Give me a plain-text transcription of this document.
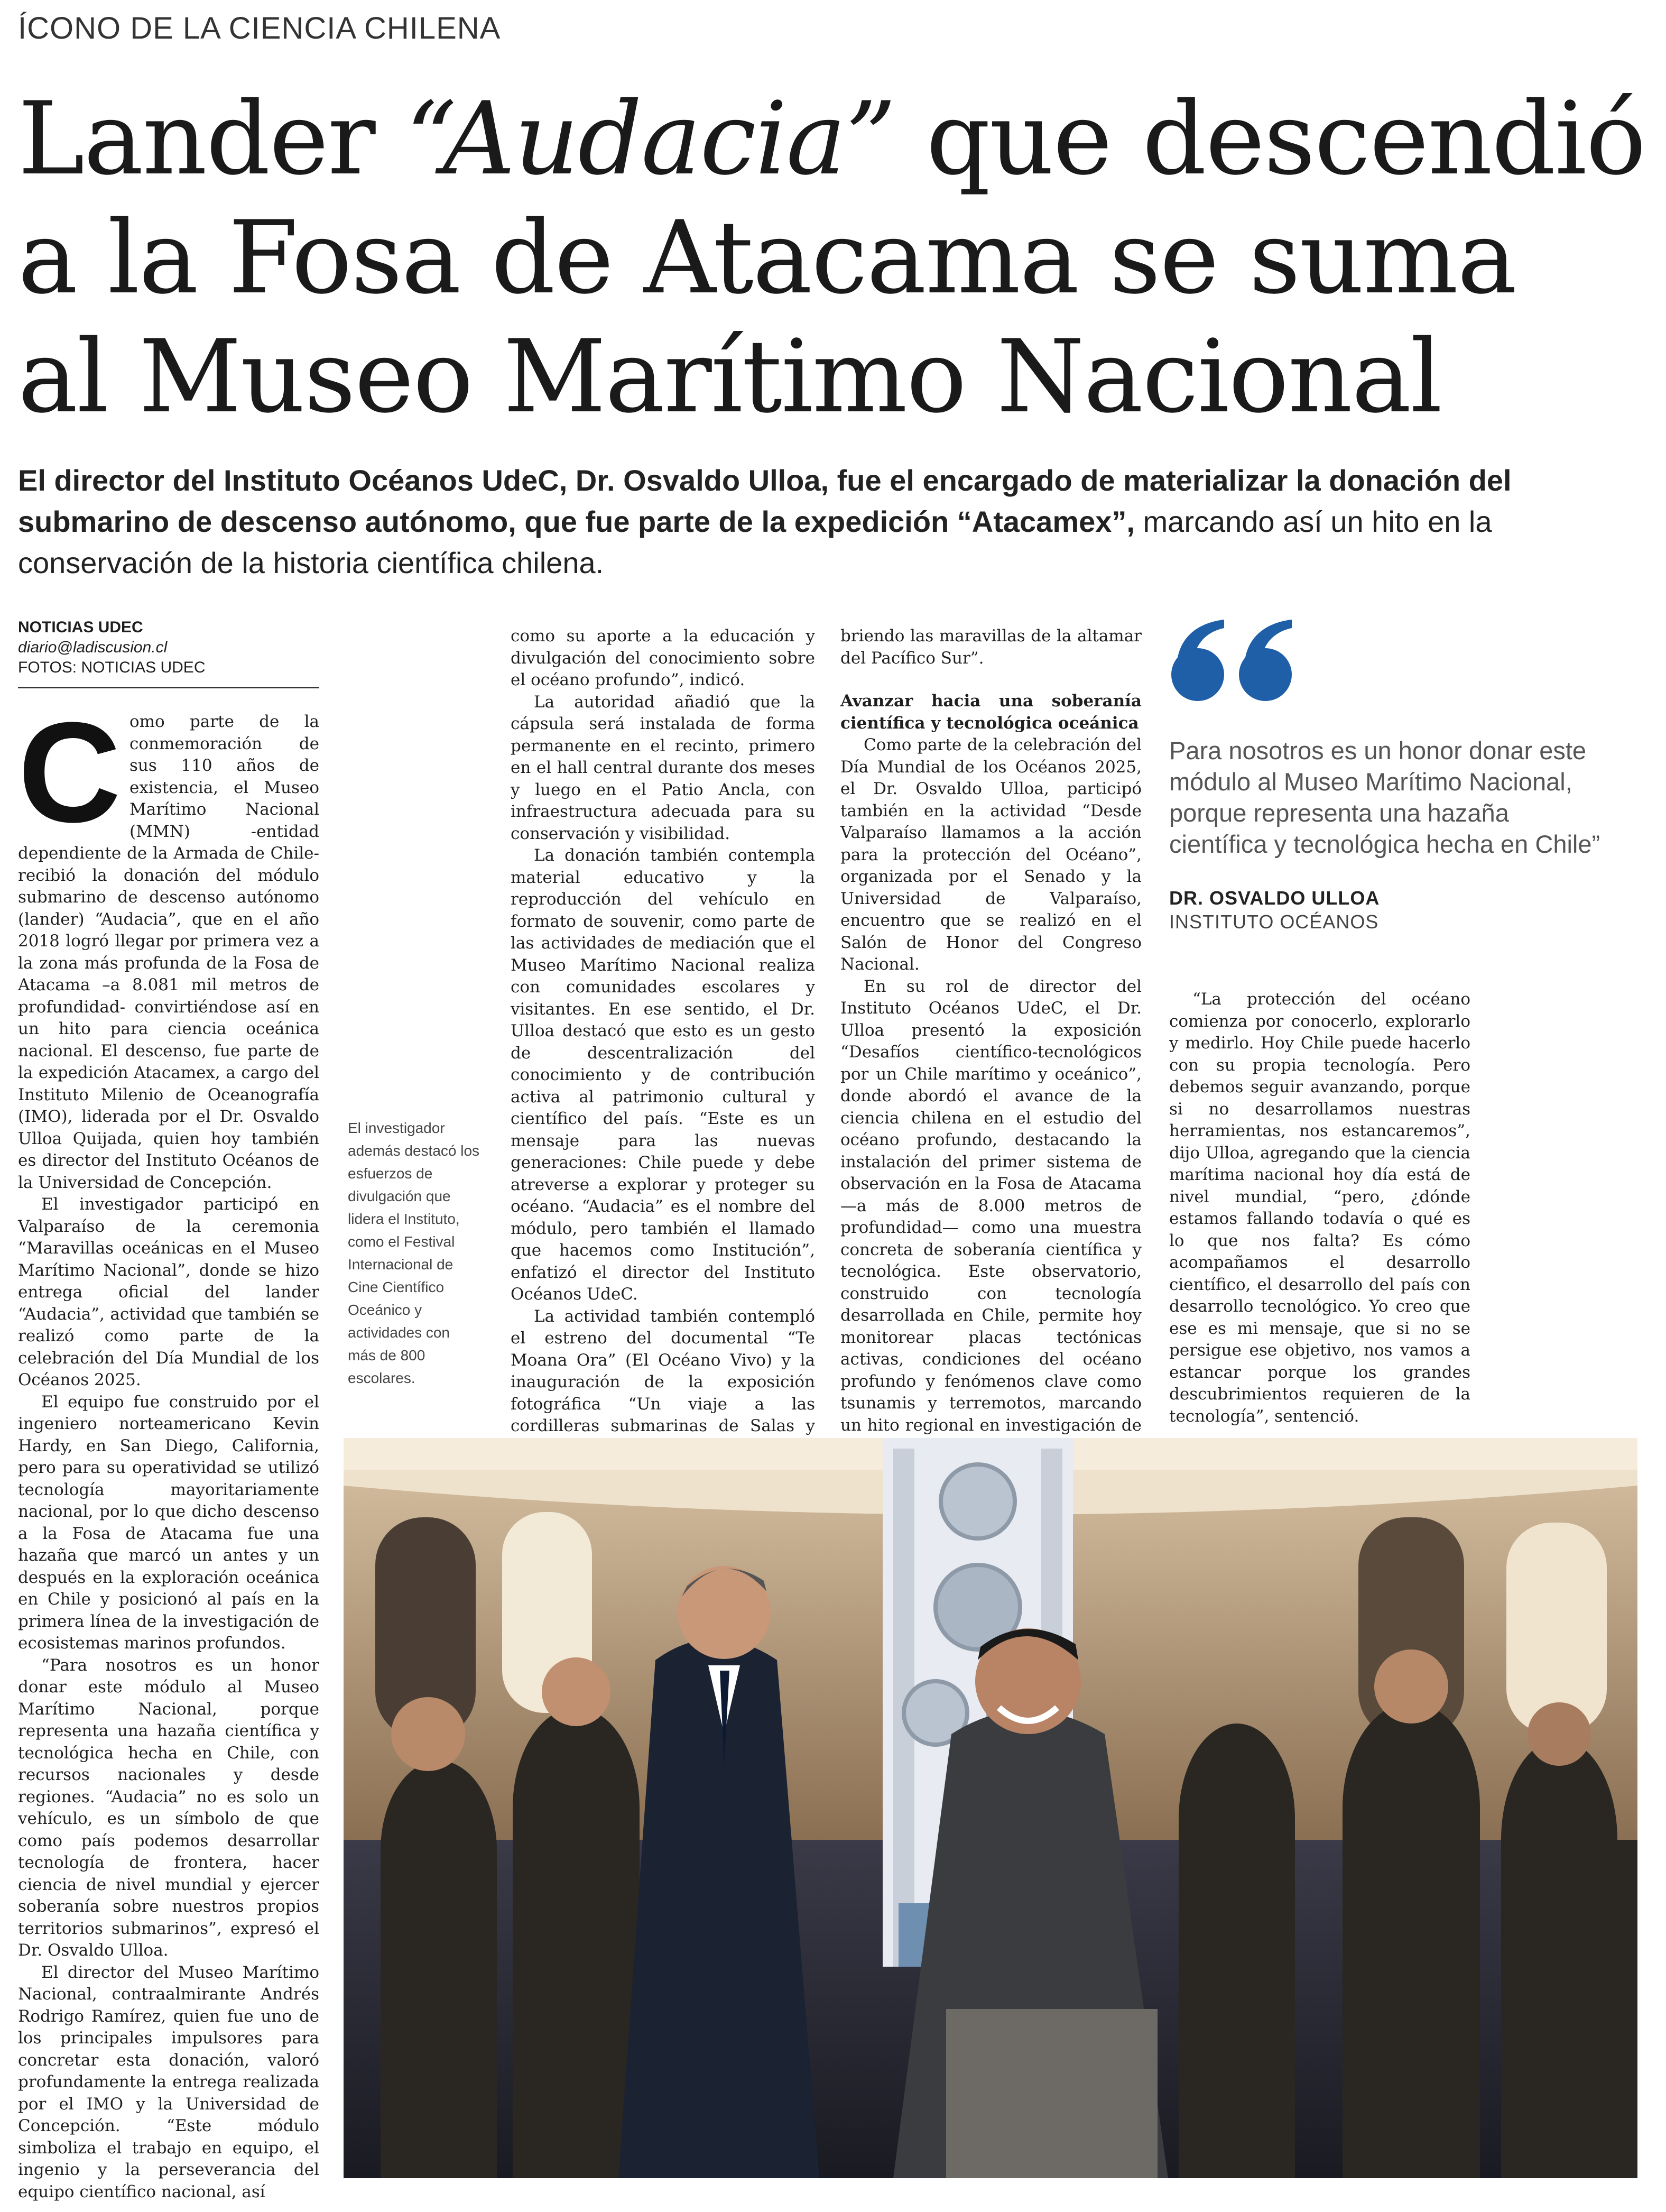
ÍCONO DE LA CIENCIA CHILENA

Lander “Audacia” que descendió
a la Fosa de Atacama se suma
al Museo Marítimo Nacional

El director del Instituto Océanos UdeC, Dr. Osvaldo Ulloa, fue el encargado de materializar la donación del submarino de descenso autónomo, que fue parte de la expedición “Atacamex”, marcando así un hito en la conservación de la historia científica chilena.

NOTICIAS UDEC
diario@ladiscusion.cl
FOTOS: NOTICIAS UDEC

Como parte de la conmemoración de sus 110 años de existencia, el Museo Marítimo Nacional (MMN) -entidad dependiente de la Armada de Chile- recibió la donación del módulo submarino de descenso autónomo (lander) “Audacia”, que en el año 2018 logró llegar por primera vez a la zona más profunda de la Fosa de Atacama –a 8.081 mil metros de profundidad- convirtiéndose así en un hito para ciencia oceánica nacional. El descenso, fue parte de la expedición Atacamex, a cargo del Instituto Milenio de Oceanografía (IMO), liderada por el Dr. Osvaldo Ulloa Quijada, quien hoy también es director del Instituto Océanos de la Universidad de Concepción.

El investigador participó en Valparaíso de la ceremonia “Maravillas oceánicas en el Museo Marítimo Nacional”, donde se hizo entrega oficial del lander “Audacia”, actividad que también se realizó como parte de la celebración del Día Mundial de los Océanos 2025.

El equipo fue construido por el ingeniero norteamericano Kevin Hardy, en San Diego, California, pero para su operatividad se utilizó tecnología mayoritariamente nacional, por lo que dicho descenso a la Fosa de Atacama fue una hazaña que marcó un antes y un después en la exploración oceánica en Chile y posicionó al país en la primera línea de la investigación de ecosistemas marinos profundos.

“Para nosotros es un honor donar este módulo al Museo Marítimo Nacional, porque representa una hazaña científica y tecnológica hecha en Chile, con recursos nacionales y desde regiones. “Audacia” no es solo un vehículo, es un símbolo de que como país podemos desarrollar tecnología de frontera, hacer ciencia de nivel mundial y ejercer soberanía sobre nuestros propios territorios submarinos”, expresó el Dr. Osvaldo Ulloa.

El director del Museo Marítimo Nacional, contraalmirante Andrés Rodrigo Ramírez, quien fue uno de los principales impulsores para concretar esta donación, valoró profundamente la entrega realizada por el IMO y la Universidad de Concepción. “Este módulo simboliza el trabajo en equipo, el ingenio y la perseverancia del equipo científico nacional, así

El investigador además destacó los esfuerzos de divulgación que lidera el Instituto, como el Festival Internacional de Cine Científico Oceánico y actividades con más de 800 escolares.

como su aporte a la educación y divulgación del conocimiento sobre el océano profundo”, indicó.

La autoridad añadió que la cápsula será instalada de forma permanente en el recinto, primero en el hall central durante dos meses y luego en el Patio Ancla, con infraestructura adecuada para su conservación y visibilidad.

La donación también contempla material educativo y la reproducción del vehículo en formato de souvenir, como parte de las actividades de mediación que el Museo Marítimo Nacional realiza con comunidades escolares y visitantes. En ese sentido, el Dr. Ulloa destacó que esto es un gesto de descentralización del conocimiento y de contribución activa al patrimonio cultural y científico del país. “Este es un mensaje para las nuevas generaciones: Chile puede y debe atreverse a explorar y proteger su océano. “Audacia” es el nombre del módulo, pero también el llamado que hacemos como Institución”, enfatizó el director del Instituto Océanos UdeC.

La actividad también contempló el estreno del documental “Te Moana Ora” (El Océano Vivo) y la inauguración de la exposición fotográfica “Un viaje a las cordilleras submarinas de Salas y

briendo las maravillas de la altamar del Pacífico Sur”.

Avanzar hacia una soberanía científica y tecnológica oceánica

Como parte de la celebración del Día Mundial de los Océanos 2025, el Dr. Osvaldo Ulloa, participó también en la actividad “Desde Valparaíso llamamos a la acción para la protección del Océano”, organizada por el Senado y la Universidad de Valparaíso, encuentro que se realizó en el Salón de Honor del Congreso Nacional.

En su rol de director del Instituto Océanos UdeC, el Dr. Ulloa presentó la exposición “Desafíos científico-tecnológicos por un Chile marítimo y oceánico”, donde abordó el avance de la ciencia chilena en el estudio del océano profundo, destacando la instalación del primer sistema de observación en la Fosa de Atacama —a más de 8.000 metros de profundidad— como una muestra concreta de soberanía científica y tecnológica. Este observatorio, construido con tecnología desarrollada en Chile, permite hoy monitorear placas tectónicas activas, condiciones del océano profundo y fenómenos clave como tsunamis y terremotos, marcando un hito regional en investigación de

Para nosotros es un honor donar este módulo al Museo Marítimo Nacional, porque representa una hazaña científica y tecnológica hecha en Chile”

DR. OSVALDO ULLOA
INSTITUTO OCÉANOS

“La protección del océano comienza por conocerlo, explorarlo y medirlo. Hoy Chile puede hacerlo con su propia tecnología. Pero debemos seguir avanzando, porque si no desarrollamos nuestras herramientas, nos estancaremos”, dijo Ulloa, agregando que la ciencia marítima nacional hoy día está de nivel mundial, “pero, ¿dónde estamos fallando todavía o qué es lo que nos falta? Es cómo acompañamos el desarrollo científico, el desarrollo del país con desarrollo tecnológico. Yo creo que ese es mi mensaje, que si no se persigue ese objetivo, nos vamos a estancar porque los grandes descubrimientos requieren de la tecnología”, sentenció.
